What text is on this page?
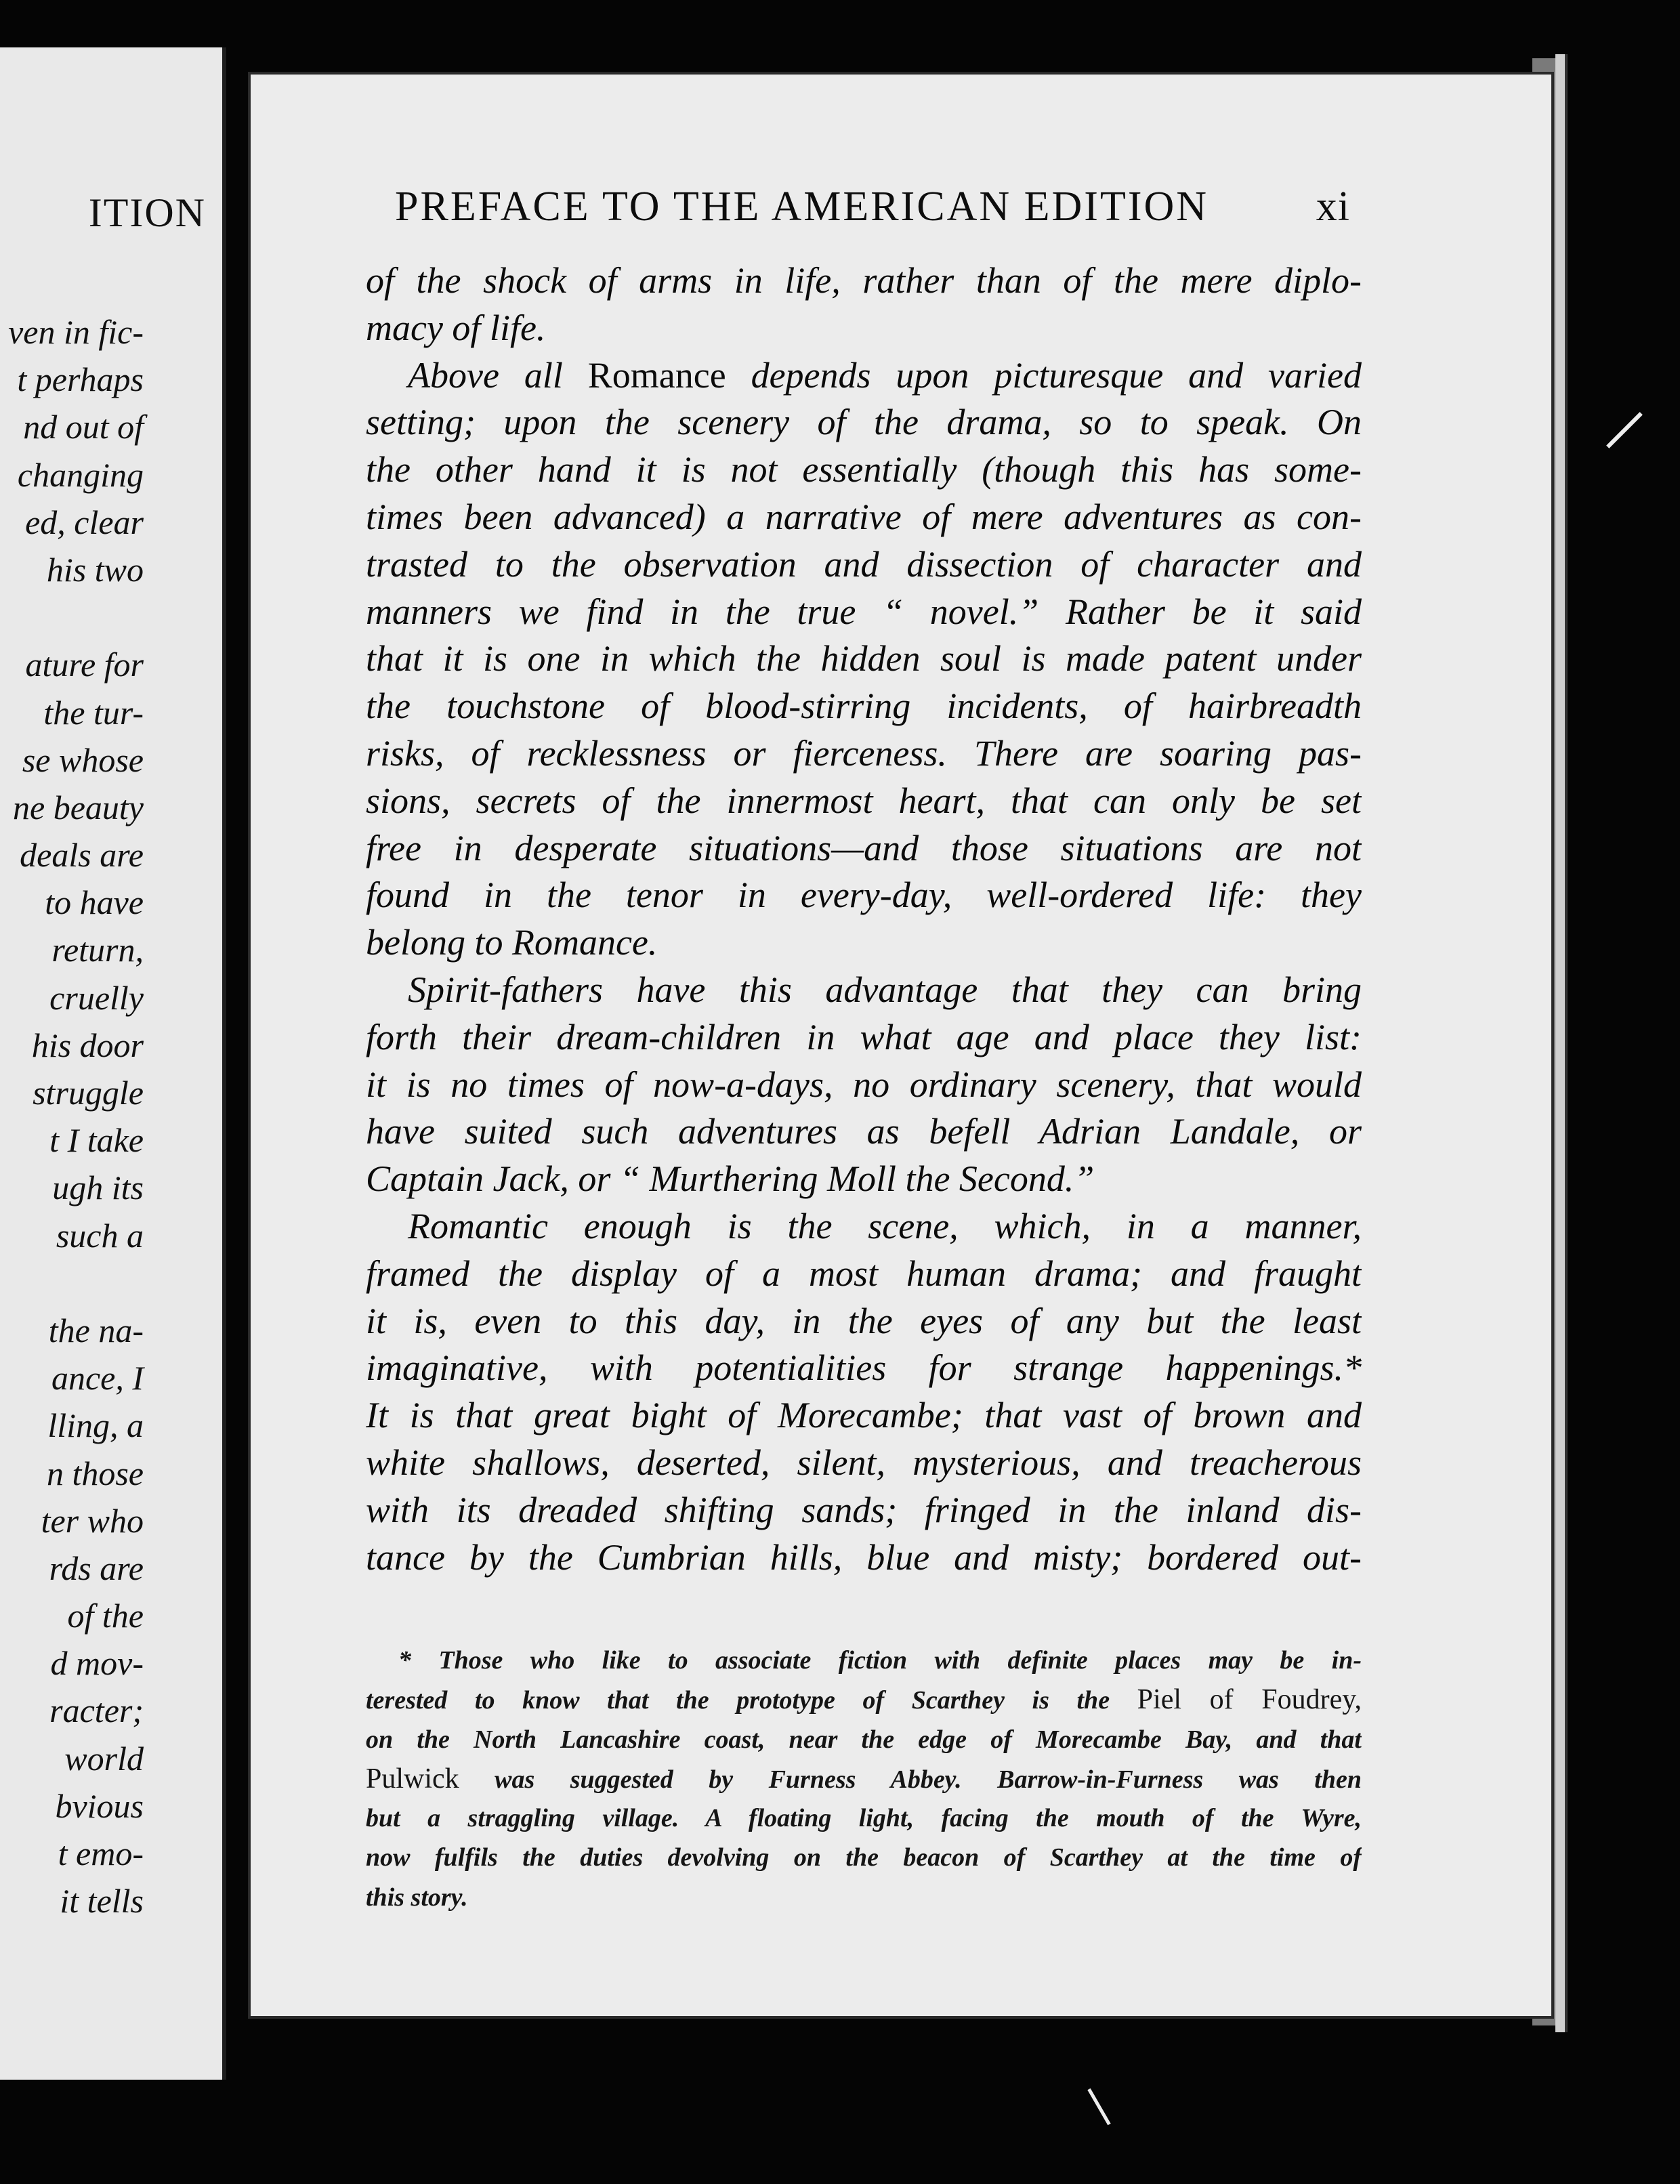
ITION
ven in fic-
t perhaps
nd out of
changing
ed, clear
his two
ature for
the tur-
se whose
ne beauty
deals are
to have
return,
cruelly
his door
struggle
t I take
ugh its
such a
the na-
ance, I
lling, a
n those
ter who
rds are
of the
d mov-
racter;
world
bvious
t emo-
it tells
PREFACE TO THE AMERICAN EDITION	xi
of the shock of arms in life, rather than of the mere diplo-
macy of life.
Above all Romance depends upon picturesque and varied
setting; upon the scenery of the drama, so to speak. On
the other hand it is not essentially (though this has some-
times been advanced) a narrative of mere adventures as con-
trasted to the observation and dissection of character and
manners we find in the true “ novel.” Rather be it said
that it is one in which the hidden soul is made patent under
the touchstone of blood-stirring incidents, of hairbreadth
risks, of recklessness or fierceness. There are soaring pas-
sions, secrets of the innermost heart, that can only be set
free in desperate situations—and those situations are not
found in the tenor in every-day, well-ordered life: they
belong to Romance.
Spirit-fathers have this advantage that they can bring
forth their dream-children in what age and place they list:
it is no times of now-a-days, no ordinary scenery, that would
have suited such adventures as befell Adrian Landale, or
Captain Jack, or “ Murthering Moll the Second.”
Romantic enough is the scene, which, in a manner,
framed the display of a most human drama; and fraught
it is, even to this day, in the eyes of any but the least
imaginative, with potentialities for strange happenings.*
It is that great bight of Morecambe; that vast of brown and
white shallows, deserted, silent, mysterious, and treacherous
with its dreaded shifting sands; fringed in the inland dis-
tance by the Cumbrian hills, blue and misty; bordered out-
* Those who like to associate fiction with definite places may be in-
terested to know that the prototype of Scarthey is the Piel of Foudrey,
on the North Lancashire coast, near the edge of Morecambe Bay, and that
Pulwick was suggested by Furness Abbey. Barrow-in-Furness was then
but a straggling village. A floating light, facing the mouth of the Wyre,
now fulfils the duties devolving on the beacon of Scarthey at the time of
this story.
